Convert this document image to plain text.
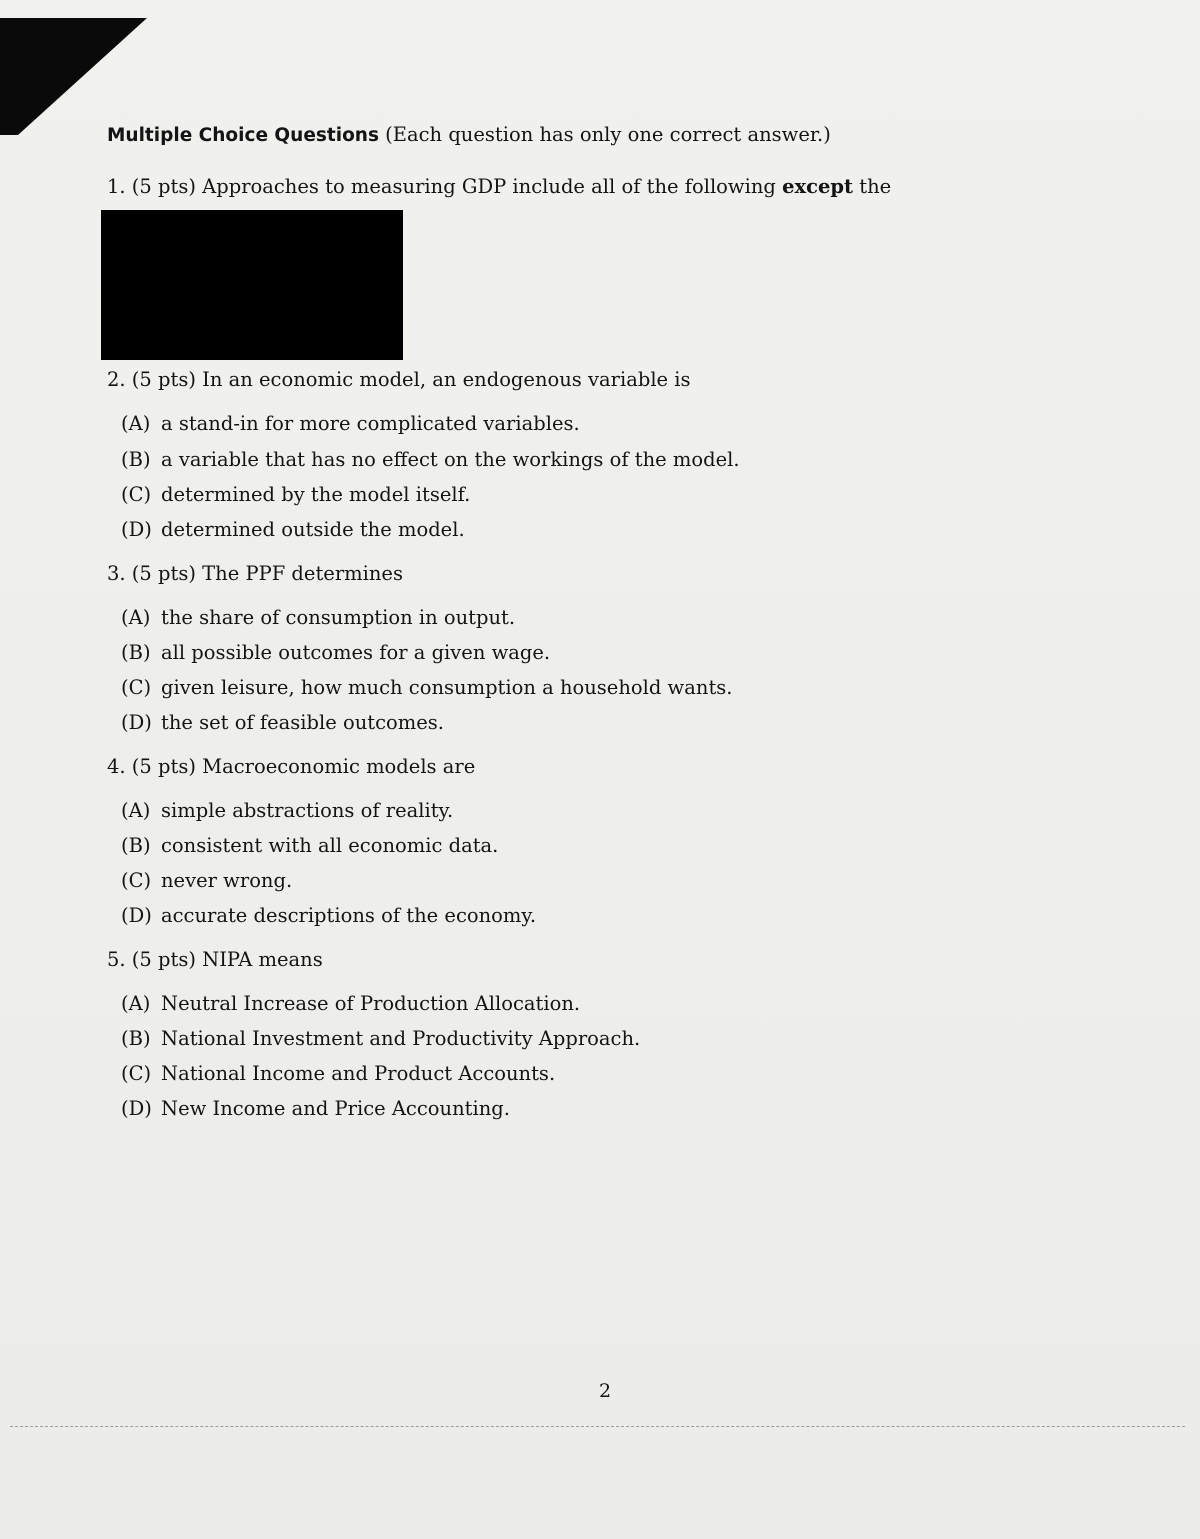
Multiple Choice Questions (Each question has only one correct answer.)
1. (5 pts) Approaches to measuring GDP include all of the following except the
2. (5 pts) In an economic model, an endogenous variable is
(A) a stand-in for more complicated variables.
(B) a variable that has no effect on the workings of the model.
(C) determined by the model itself.
(D) determined outside the model.
3. (5 pts) The PPF determines
(A) the share of consumption in output.
(B) all possible outcomes for a given wage.
(C) given leisure, how much consumption a household wants.
(D) the set of feasible outcomes.
4. (5 pts) Macroeconomic models are
(A) simple abstractions of reality.
(B) consistent with all economic data.
(C) never wrong.
(D) accurate descriptions of the economy.
5. (5 pts) NIPA means
(A) Neutral Increase of Production Allocation.
(B) National Investment and Productivity Approach.
(C) National Income and Product Accounts.
(D) New Income and Price Accounting.
2
